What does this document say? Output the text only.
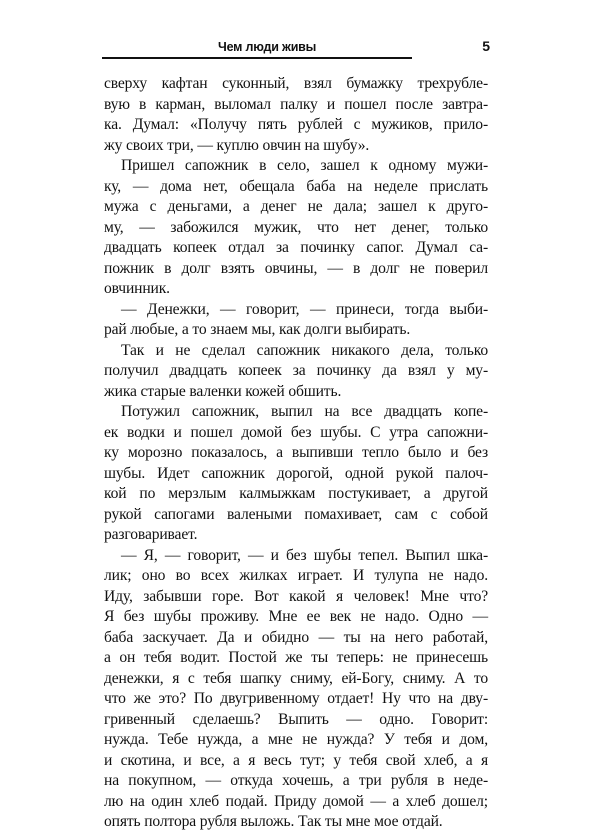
Чем люди живы	5
сверху кафтан суконный, взял бумажку трехрубле-
вую в карман, выломал палку и пошел после завтра-
ка. Думал: «Получу пять рублей с мужиков, прило-
жу своих три, — куплю овчин на шубу».
Пришел сапожник в село, зашел к одному мужи-
ку, — дома нет, обещала баба на неделе прислать
мужа с деньгами, а денег не дала; зашел к друго-
му, — забожился мужик, что нет денег, только
двадцать копеек отдал за починку сапог. Думал са-
пожник в долг взять овчины, — в долг не поверил
овчинник.
— Денежки, — говорит, — принеси, тогда выби-
рай любые, а то знаем мы, как долги выбирать.
Так и не сделал сапожник никакого дела, только
получил двадцать копеек за починку да взял у му-
жика старые валенки кожей обшить.
Потужил сапожник, выпил на все двадцать копе-
ек водки и пошел домой без шубы. С утра сапожни-
ку морозно показалось, а выпивши тепло было и без
шубы. Идет сапожник дорогой, одной рукой палоч-
кой по мерзлым калмыжкам постукивает, а другой
рукой сапогами валеными помахивает, сам с собой
разговаривает.
— Я, — говорит, — и без шубы тепел. Выпил шка-
лик; оно во всех жилках играет. И тулупа не надо.
Иду, забывши горе. Вот какой я человек! Мне что?
Я без шубы проживу. Мне ее век не надо. Одно —
баба заскучает. Да и обидно — ты на него работай,
а он тебя водит. Постой же ты теперь: не принесешь
денежки, я с тебя шапку сниму, ей-Богу, сниму. А то
что же это? По двугривенному отдает! Ну что на дву-
гривенный сделаешь? Выпить — одно. Говорит:
нужда. Тебе нужда, а мне не нужда? У тебя и дом,
и скотина, и все, а я весь тут; у тебя свой хлеб, а я
на покупном, — откуда хочешь, а три рубля в неде-
лю на один хлеб подай. Приду домой — а хлеб дошел;
опять полтора рубля выложь. Так ты мне мое отдай.
